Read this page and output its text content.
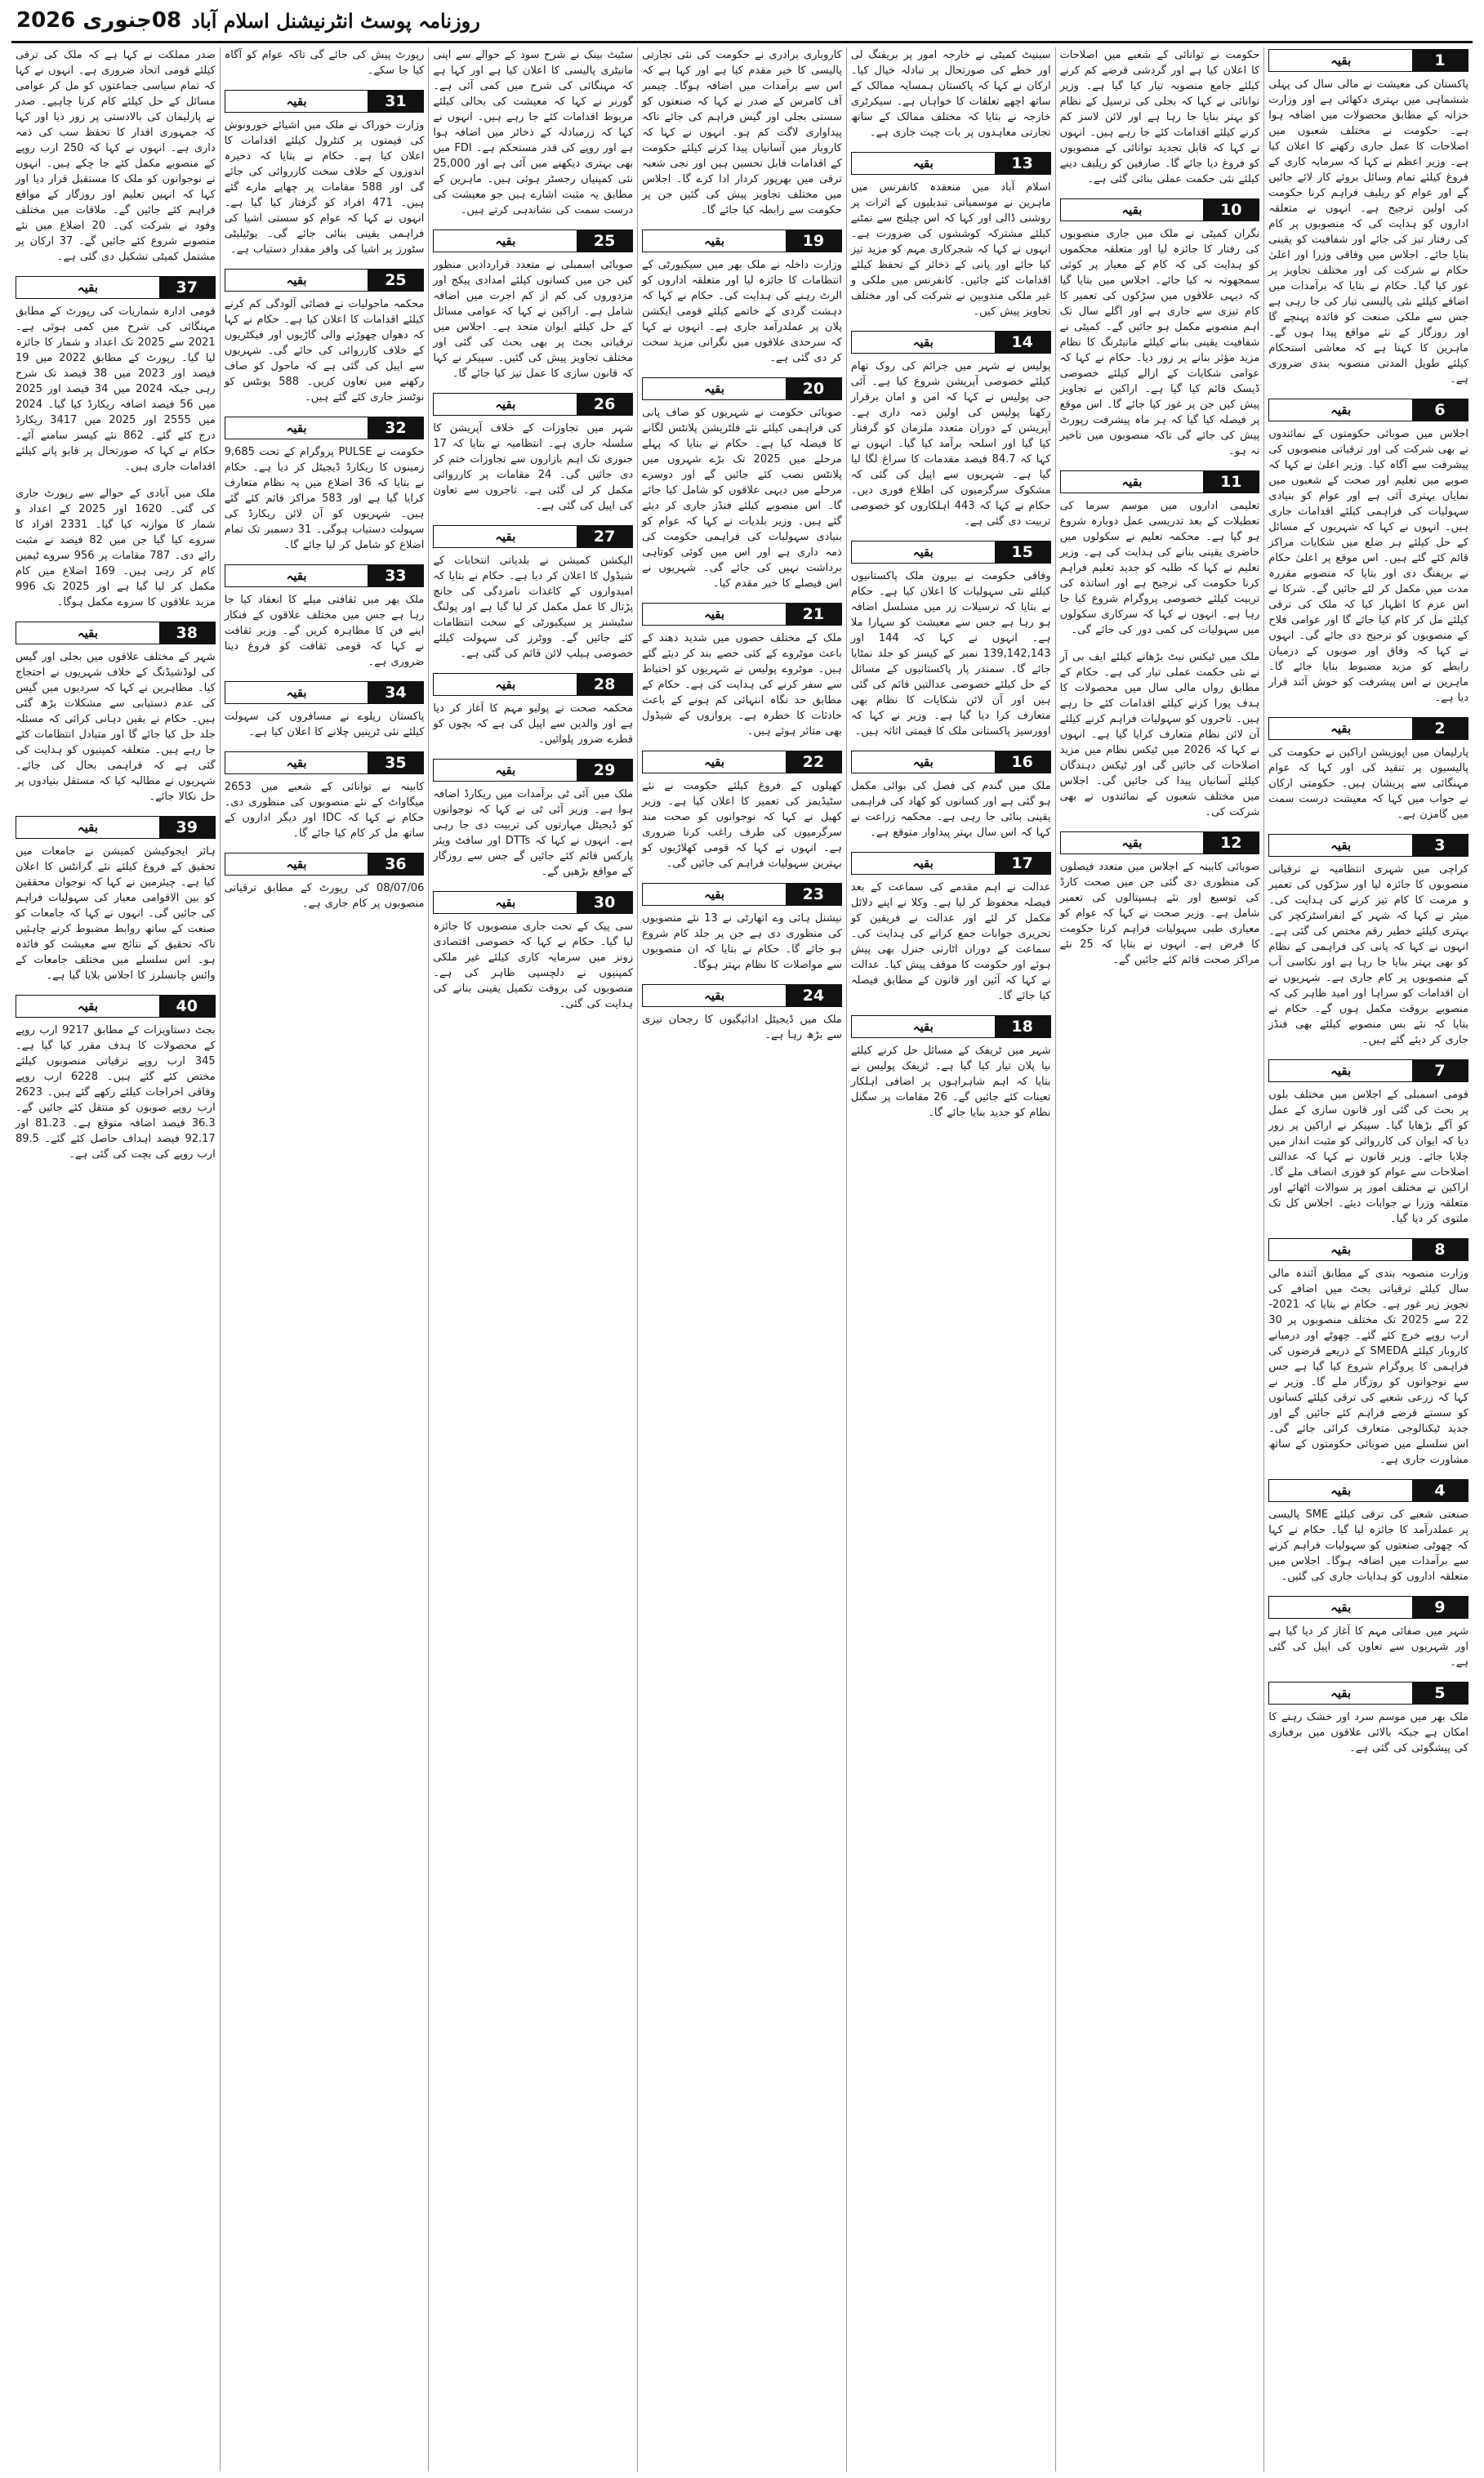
08جنوری 2026 روزنامہ پوسٹ انٹرنیشنل اسلام آباد
1
بقیہ
پاکستان کی معیشت نے مالی سال کی پہلی ششماہی میں بہتری دکھائی ہے اور وزارت خزانہ کے مطابق محصولات میں اضافہ ہوا ہے۔ حکومت نے مختلف شعبوں میں اصلاحات کا عمل جاری رکھنے کا اعلان کیا ہے۔ وزیر اعظم نے کہا کہ سرمایہ کاری کے فروغ کیلئے تمام وسائل بروئے کار لائے جائیں گے اور عوام کو ریلیف فراہم کرنا حکومت کی اولین ترجیح ہے۔ انہوں نے متعلقہ اداروں کو ہدایت کی کہ منصوبوں پر کام کی رفتار تیز کی جائے اور شفافیت کو یقینی بنایا جائے۔ اجلاس میں وفاقی وزرا اور اعلیٰ حکام نے شرکت کی اور مختلف تجاویز پر غور کیا گیا۔ حکام نے بتایا کہ برآمدات میں اضافے کیلئے نئی پالیسی تیار کی جا رہی ہے جس سے ملکی صنعت کو فائدہ پہنچے گا اور روزگار کے نئے مواقع پیدا ہوں گے۔ ماہرین کا کہنا ہے کہ معاشی استحکام کیلئے طویل المدتی منصوبہ بندی ضروری ہے۔
6
بقیہ
اجلاس میں صوبائی حکومتوں کے نمائندوں نے بھی شرکت کی اور ترقیاتی منصوبوں کی پیشرفت سے آگاہ کیا۔ وزیر اعلیٰ نے کہا کہ صوبے میں تعلیم اور صحت کے شعبوں میں نمایاں بہتری آئی ہے اور عوام کو بنیادی سہولیات کی فراہمی کیلئے اقدامات جاری ہیں۔ انہوں نے کہا کہ شہریوں کے مسائل کے حل کیلئے ہر ضلع میں شکایات مراکز قائم کئے گئے ہیں۔ اس موقع پر اعلیٰ حکام نے بریفنگ دی اور بتایا کہ منصوبے مقررہ مدت میں مکمل کر لئے جائیں گے۔ شرکا نے اس عزم کا اظہار کیا کہ ملک کی ترقی کیلئے مل کر کام کیا جائے گا اور عوامی فلاح کے منصوبوں کو ترجیح دی جائے گی۔ انہوں نے کہا کہ وفاق اور صوبوں کے درمیان رابطے کو مزید مضبوط بنایا جائے گا۔ ماہرین نے اس پیشرفت کو خوش آئند قرار دیا ہے۔
2
بقیہ
پارلیمان میں اپوزیشن اراکین نے حکومت کی پالیسیوں پر تنقید کی اور کہا کہ عوام مہنگائی سے پریشان ہیں۔ حکومتی ارکان نے جواب میں کہا کہ معیشت درست سمت میں گامزن ہے۔
3
بقیہ
کراچی میں شہری انتظامیہ نے ترقیاتی منصوبوں کا جائزہ لیا اور سڑکوں کی تعمیر و مرمت کا کام تیز کرنے کی ہدایت کی۔ میئر نے کہا کہ شہر کے انفراسٹرکچر کی بہتری کیلئے خطیر رقم مختص کی گئی ہے۔ انہوں نے کہا کہ پانی کی فراہمی کے نظام کو بھی بہتر بنایا جا رہا ہے اور نکاسی آب کے منصوبوں پر کام جاری ہے۔ شہریوں نے ان اقدامات کو سراہا اور امید ظاہر کی کہ منصوبے بروقت مکمل ہوں گے۔ حکام نے بتایا کہ نئے بس منصوبے کیلئے بھی فنڈز جاری کر دیئے گئے ہیں۔
7
بقیہ
قومی اسمبلی کے اجلاس میں مختلف بلوں پر بحث کی گئی اور قانون سازی کے عمل کو آگے بڑھایا گیا۔ سپیکر نے اراکین پر زور دیا کہ ایوان کی کارروائی کو مثبت انداز میں چلایا جائے۔ وزیر قانون نے کہا کہ عدالتی اصلاحات سے عوام کو فوری انصاف ملے گا۔ اراکین نے مختلف امور پر سوالات اٹھائے اور متعلقہ وزرا نے جوابات دیئے۔ اجلاس کل تک ملتوی کر دیا گیا۔
8
بقیہ
وزارت منصوبہ بندی کے مطابق آئندہ مالی سال کیلئے ترقیاتی بجٹ میں اضافے کی تجویز زیر غور ہے۔ حکام نے بتایا کہ 2021-22 سے 2025 تک مختلف منصوبوں پر 30 ارب روپے خرچ کئے گئے۔ چھوٹے اور درمیانے کاروبار کیلئے SMEDA کے ذریعے قرضوں کی فراہمی کا پروگرام شروع کیا گیا ہے جس سے نوجوانوں کو روزگار ملے گا۔ وزیر نے کہا کہ زرعی شعبے کی ترقی کیلئے کسانوں کو سستے قرضے فراہم کئے جائیں گے اور جدید ٹیکنالوجی متعارف کرائی جائے گی۔ اس سلسلے میں صوبائی حکومتوں کے ساتھ مشاورت جاری ہے۔
4
بقیہ
صنعتی شعبے کی ترقی کیلئے SME پالیسی پر عملدرآمد کا جائزہ لیا گیا۔ حکام نے کہا کہ چھوٹی صنعتوں کو سہولیات فراہم کرنے سے برآمدات میں اضافہ ہوگا۔ اجلاس میں متعلقہ اداروں کو ہدایات جاری کی گئیں۔
9
بقیہ
شہر میں صفائی مہم کا آغاز کر دیا گیا ہے اور شہریوں سے تعاون کی اپیل کی گئی ہے۔
5
بقیہ
ملک بھر میں موسم سرد اور خشک رہنے کا امکان ہے جبکہ بالائی علاقوں میں برفباری کی پیشگوئی کی گئی ہے۔
حکومت نے توانائی کے شعبے میں اصلاحات کا اعلان کیا ہے اور گردشی قرضے کم کرنے کیلئے جامع منصوبہ تیار کیا گیا ہے۔ وزیر توانائی نے کہا کہ بجلی کی ترسیل کے نظام کو بہتر بنایا جا رہا ہے اور لائن لاسز کم کرنے کیلئے اقدامات کئے جا رہے ہیں۔ انہوں نے کہا کہ قابل تجدید توانائی کے منصوبوں کو فروغ دیا جائے گا۔ صارفین کو ریلیف دینے کیلئے نئی حکمت عملی بنائی گئی ہے۔
10
بقیہ
نگران کمیٹی نے ملک میں جاری منصوبوں کی رفتار کا جائزہ لیا اور متعلقہ محکموں کو ہدایت کی کہ کام کے معیار پر کوئی سمجھوتہ نہ کیا جائے۔ اجلاس میں بتایا گیا کہ دیہی علاقوں میں سڑکوں کی تعمیر کا کام تیزی سے جاری ہے اور اگلے سال تک اہم منصوبے مکمل ہو جائیں گے۔ کمیٹی نے شفافیت یقینی بنانے کیلئے مانیٹرنگ کا نظام مزید مؤثر بنانے پر زور دیا۔ حکام نے کہا کہ عوامی شکایات کے ازالے کیلئے خصوصی ڈیسک قائم کیا گیا ہے۔ اراکین نے تجاویز پیش کیں جن پر غور کیا جائے گا۔ اس موقع پر فیصلہ کیا گیا کہ ہر ماہ پیشرفت رپورٹ پیش کی جائے گی تاکہ منصوبوں میں تاخیر نہ ہو۔
11
بقیہ
تعلیمی اداروں میں موسم سرما کی تعطیلات کے بعد تدریسی عمل دوبارہ شروع ہو گیا ہے۔ محکمہ تعلیم نے سکولوں میں حاضری یقینی بنانے کی ہدایت کی ہے۔ وزیر تعلیم نے کہا کہ طلبہ کو جدید تعلیم فراہم کرنا حکومت کی ترجیح ہے اور اساتذہ کی تربیت کیلئے خصوصی پروگرام شروع کیا جا رہا ہے۔ انہوں نے کہا کہ سرکاری سکولوں میں سہولیات کی کمی دور کی جائے گی۔
ملک میں ٹیکس نیٹ بڑھانے کیلئے ایف بی آر نے نئی حکمت عملی تیار کی ہے۔ حکام کے مطابق رواں مالی سال میں محصولات کا ہدف پورا کرنے کیلئے اقدامات کئے جا رہے ہیں۔ تاجروں کو سہولیات فراہم کرنے کیلئے آن لائن نظام متعارف کرایا گیا ہے۔ انہوں نے کہا کہ 2026 میں ٹیکس نظام میں مزید اصلاحات کی جائیں گی اور ٹیکس دہندگان کیلئے آسانیاں پیدا کی جائیں گی۔ اجلاس میں مختلف شعبوں کے نمائندوں نے بھی شرکت کی۔
12
بقیہ
صوبائی کابینہ کے اجلاس میں متعدد فیصلوں کی منظوری دی گئی جن میں صحت کارڈ کی توسیع اور نئے ہسپتالوں کی تعمیر شامل ہے۔ وزیر صحت نے کہا کہ عوام کو معیاری طبی سہولیات فراہم کرنا حکومت کا فرض ہے۔ انہوں نے بتایا کہ 25 نئے مراکز صحت قائم کئے جائیں گے۔
سینیٹ کمیٹی نے خارجہ امور پر بریفنگ لی اور خطے کی صورتحال پر تبادلہ خیال کیا۔ ارکان نے کہا کہ پاکستان ہمسایہ ممالک کے ساتھ اچھے تعلقات کا خواہاں ہے۔ سیکرٹری خارجہ نے بتایا کہ مختلف ممالک کے ساتھ تجارتی معاہدوں پر بات چیت جاری ہے۔
13
بقیہ
اسلام آباد میں منعقدہ کانفرنس میں ماہرین نے موسمیاتی تبدیلیوں کے اثرات پر روشنی ڈالی اور کہا کہ اس چیلنج سے نمٹنے کیلئے مشترکہ کوششوں کی ضرورت ہے۔ انہوں نے کہا کہ شجرکاری مہم کو مزید تیز کیا جائے اور پانی کے ذخائر کے تحفظ کیلئے اقدامات کئے جائیں۔ کانفرنس میں ملکی و غیر ملکی مندوبین نے شرکت کی اور مختلف تجاویز پیش کیں۔
14
بقیہ
پولیس نے شہر میں جرائم کی روک تھام کیلئے خصوصی آپریشن شروع کیا ہے۔ آئی جی پولیس نے کہا کہ امن و امان برقرار رکھنا پولیس کی اولین ذمہ داری ہے۔ آپریشن کے دوران متعدد ملزمان کو گرفتار کیا گیا اور اسلحہ برآمد کیا گیا۔ انہوں نے کہا کہ 84.7 فیصد مقدمات کا سراغ لگا لیا گیا ہے۔ شہریوں سے اپیل کی گئی کہ مشکوک سرگرمیوں کی اطلاع فوری دیں۔ حکام نے کہا کہ 443 اہلکاروں کو خصوصی تربیت دی گئی ہے۔
15
بقیہ
وفاقی حکومت نے بیرون ملک پاکستانیوں کیلئے نئی سہولیات کا اعلان کیا ہے۔ حکام نے بتایا کہ ترسیلات زر میں مسلسل اضافہ ہو رہا ہے جس سے معیشت کو سہارا ملا ہے۔ انہوں نے کہا کہ 144 اور 139,142,143 نمبر کے کیسز کو جلد نمٹایا جائے گا۔ سمندر پار پاکستانیوں کے مسائل کے حل کیلئے خصوصی عدالتیں قائم کی گئی ہیں اور آن لائن شکایات کا نظام بھی متعارف کرا دیا گیا ہے۔ وزیر نے کہا کہ اوورسیز پاکستانی ملک کا قیمتی اثاثہ ہیں۔
16
بقیہ
ملک میں گندم کی فصل کی بوائی مکمل ہو گئی ہے اور کسانوں کو کھاد کی فراہمی یقینی بنائی جا رہی ہے۔ محکمہ زراعت نے کہا کہ اس سال بہتر پیداوار متوقع ہے۔
17
بقیہ
عدالت نے اہم مقدمے کی سماعت کے بعد فیصلہ محفوظ کر لیا ہے۔ وکلا نے اپنے دلائل مکمل کر لئے اور عدالت نے فریقین کو تحریری جوابات جمع کرانے کی ہدایت کی۔ سماعت کے دوران اٹارنی جنرل بھی پیش ہوئے اور حکومت کا موقف پیش کیا۔ عدالت نے کہا کہ آئین اور قانون کے مطابق فیصلہ کیا جائے گا۔
18
بقیہ
شہر میں ٹریفک کے مسائل حل کرنے کیلئے نیا پلان تیار کیا گیا ہے۔ ٹریفک پولیس نے بتایا کہ اہم شاہراہوں پر اضافی اہلکار تعینات کئے جائیں گے۔ 26 مقامات پر سگنل نظام کو جدید بنایا جائے گا۔
کاروباری برادری نے حکومت کی نئی تجارتی پالیسی کا خیر مقدم کیا ہے اور کہا ہے کہ اس سے برآمدات میں اضافہ ہوگا۔ چیمبر آف کامرس کے صدر نے کہا کہ صنعتوں کو سستی بجلی اور گیس فراہم کی جائے تاکہ پیداواری لاگت کم ہو۔ انہوں نے کہا کہ کاروبار میں آسانیاں پیدا کرنے کیلئے حکومت کے اقدامات قابل تحسین ہیں اور نجی شعبہ ترقی میں بھرپور کردار ادا کرے گا۔ اجلاس میں مختلف تجاویز پیش کی گئیں جن پر حکومت سے رابطہ کیا جائے گا۔
19
بقیہ
وزارت داخلہ نے ملک بھر میں سیکیورٹی کے انتظامات کا جائزہ لیا اور متعلقہ اداروں کو الرٹ رہنے کی ہدایت کی۔ حکام نے کہا کہ دہشت گردی کے خاتمے کیلئے قومی ایکشن پلان پر عملدرآمد جاری ہے۔ انہوں نے کہا کہ سرحدی علاقوں میں نگرانی مزید سخت کر دی گئی ہے۔
20
بقیہ
صوبائی حکومت نے شہریوں کو صاف پانی کی فراہمی کیلئے نئے فلٹریشن پلانٹس لگانے کا فیصلہ کیا ہے۔ حکام نے بتایا کہ پہلے مرحلے میں 2025 تک بڑے شہروں میں پلانٹس نصب کئے جائیں گے اور دوسرے مرحلے میں دیہی علاقوں کو شامل کیا جائے گا۔ اس منصوبے کیلئے فنڈز جاری کر دیئے گئے ہیں۔ وزیر بلدیات نے کہا کہ عوام کو بنیادی سہولیات کی فراہمی حکومت کی ذمہ داری ہے اور اس میں کوئی کوتاہی برداشت نہیں کی جائے گی۔ شہریوں نے اس فیصلے کا خیر مقدم کیا۔
21
بقیہ
ملک کے مختلف حصوں میں شدید دھند کے باعث موٹروے کے کئی حصے بند کر دیئے گئے ہیں۔ موٹروے پولیس نے شہریوں کو احتیاط سے سفر کرنے کی ہدایت کی ہے۔ حکام کے مطابق حد نگاہ انتہائی کم ہونے کے باعث حادثات کا خطرہ ہے۔ پروازوں کے شیڈول بھی متاثر ہوئے ہیں۔
22
بقیہ
کھیلوں کے فروغ کیلئے حکومت نے نئے سٹیڈیمز کی تعمیر کا اعلان کیا ہے۔ وزیر کھیل نے کہا کہ نوجوانوں کو صحت مند سرگرمیوں کی طرف راغب کرنا ضروری ہے۔ انہوں نے کہا کہ قومی کھلاڑیوں کو بہترین سہولیات فراہم کی جائیں گی۔
23
بقیہ
نیشنل ہائی وے اتھارٹی نے 13 نئے منصوبوں کی منظوری دی ہے جن پر جلد کام شروع ہو جائے گا۔ حکام نے بتایا کہ ان منصوبوں سے مواصلات کا نظام بہتر ہوگا۔
24
بقیہ
ملک میں ڈیجیٹل ادائیگیوں کا رجحان تیزی سے بڑھ رہا ہے۔
سٹیٹ بینک نے شرح سود کے حوالے سے اپنی مانیٹری پالیسی کا اعلان کیا ہے اور کہا ہے کہ مہنگائی کی شرح میں کمی آئی ہے۔ گورنر نے کہا کہ معیشت کی بحالی کیلئے مربوط اقدامات کئے جا رہے ہیں۔ انہوں نے کہا کہ زرمبادلہ کے ذخائر میں اضافہ ہوا ہے اور روپے کی قدر مستحکم ہے۔ FDI میں بھی بہتری دیکھنے میں آئی ہے اور 25,000 نئی کمپنیاں رجسٹر ہوئی ہیں۔ ماہرین کے مطابق یہ مثبت اشارے ہیں جو معیشت کی درست سمت کی نشاندہی کرتے ہیں۔
25
بقیہ
صوبائی اسمبلی نے متعدد قراردادیں منظور کیں جن میں کسانوں کیلئے امدادی پیکج اور مزدوروں کی کم از کم اجرت میں اضافہ شامل ہے۔ اراکین نے کہا کہ عوامی مسائل کے حل کیلئے ایوان متحد ہے۔ اجلاس میں ترقیاتی بجٹ پر بھی بحث کی گئی اور مختلف تجاویز پیش کی گئیں۔ سپیکر نے کہا کہ قانون سازی کا عمل تیز کیا جائے گا۔
26
بقیہ
شہر میں تجاوزات کے خلاف آپریشن کا سلسلہ جاری ہے۔ انتظامیہ نے بتایا کہ 17 جنوری تک اہم بازاروں سے تجاوزات ختم کر دی جائیں گی۔ 24 مقامات پر کارروائی مکمل کر لی گئی ہے۔ تاجروں سے تعاون کی اپیل کی گئی ہے۔
27
بقیہ
الیکشن کمیشن نے بلدیاتی انتخابات کے شیڈول کا اعلان کر دیا ہے۔ حکام نے بتایا کہ امیدواروں کے کاغذات نامزدگی کی جانچ پڑتال کا عمل مکمل کر لیا گیا ہے اور پولنگ سٹیشنز پر سیکیورٹی کے سخت انتظامات کئے جائیں گے۔ ووٹرز کی سہولت کیلئے خصوصی ہیلپ لائن قائم کی گئی ہے۔
28
بقیہ
محکمہ صحت نے پولیو مہم کا آغاز کر دیا ہے اور والدین سے اپیل کی ہے کہ بچوں کو قطرے ضرور پلوائیں۔
29
بقیہ
ملک میں آئی ٹی برآمدات میں ریکارڈ اضافہ ہوا ہے۔ وزیر آئی ٹی نے کہا کہ نوجوانوں کو ڈیجیٹل مہارتوں کی تربیت دی جا رہی ہے۔ انہوں نے کہا کہ DTTs اور سافٹ ویئر پارکس قائم کئے جائیں گے جس سے روزگار کے مواقع بڑھیں گے۔
30
بقیہ
سی پیک کے تحت جاری منصوبوں کا جائزہ لیا گیا۔ حکام نے کہا کہ خصوصی اقتصادی زونز میں سرمایہ کاری کیلئے غیر ملکی کمپنیوں نے دلچسپی ظاہر کی ہے۔ منصوبوں کی بروقت تکمیل یقینی بنانے کی ہدایت کی گئی۔
رپورٹ پیش کی جائے گی تاکہ عوام کو آگاہ کیا جا سکے۔
31
بقیہ
وزارت خوراک نے ملک میں اشیائے خورونوش کی قیمتوں پر کنٹرول کیلئے اقدامات کا اعلان کیا ہے۔ حکام نے بتایا کہ ذخیرہ اندوزوں کے خلاف سخت کارروائی کی جائے گی اور 588 مقامات پر چھاپے مارے گئے ہیں۔ 471 افراد کو گرفتار کیا گیا ہے۔ انہوں نے کہا کہ عوام کو سستی اشیا کی فراہمی یقینی بنائی جائے گی۔ یوٹیلیٹی سٹورز پر اشیا کی وافر مقدار دستیاب ہے۔
25
بقیہ
محکمہ ماحولیات نے فضائی آلودگی کم کرنے کیلئے اقدامات کا اعلان کیا ہے۔ حکام نے کہا کہ دھواں چھوڑنے والی گاڑیوں اور فیکٹریوں کے خلاف کارروائی کی جائے گی۔ شہریوں سے اپیل کی گئی ہے کہ ماحول کو صاف رکھنے میں تعاون کریں۔ 588 یونٹس کو نوٹسز جاری کئے گئے ہیں۔
32
بقیہ
حکومت نے PULSE پروگرام کے تحت 9,685 زمینوں کا ریکارڈ ڈیجیٹل کر دیا ہے۔ حکام نے بتایا کہ 36 اضلاع میں یہ نظام متعارف کرایا گیا ہے اور 583 مراکز قائم کئے گئے ہیں۔ شہریوں کو آن لائن ریکارڈ کی سہولت دستیاب ہوگی۔ 31 دسمبر تک تمام اضلاع کو شامل کر لیا جائے گا۔
33
بقیہ
ملک بھر میں ثقافتی میلے کا انعقاد کیا جا رہا ہے جس میں مختلف علاقوں کے فنکار اپنے فن کا مظاہرہ کریں گے۔ وزیر ثقافت نے کہا کہ قومی ثقافت کو فروغ دینا ضروری ہے۔
34
بقیہ
پاکستان ریلوے نے مسافروں کی سہولت کیلئے نئی ٹرینیں چلانے کا اعلان کیا ہے۔
35
بقیہ
کابینہ نے توانائی کے شعبے میں 2653 میگاواٹ کے نئے منصوبوں کی منظوری دی۔ حکام نے کہا کہ IDC اور دیگر اداروں کے ساتھ مل کر کام کیا جائے گا۔
36
بقیہ
08/07/06 کی رپورٹ کے مطابق ترقیاتی منصوبوں پر کام جاری ہے۔
صدر مملکت نے کہا ہے کہ ملک کی ترقی کیلئے قومی اتحاد ضروری ہے۔ انہوں نے کہا کہ تمام سیاسی جماعتوں کو مل کر عوامی مسائل کے حل کیلئے کام کرنا چاہیے۔ صدر نے پارلیمان کی بالادستی پر زور دیا اور کہا کہ جمہوری اقدار کا تحفظ سب کی ذمہ داری ہے۔ انہوں نے کہا کہ 250 ارب روپے کے منصوبے مکمل کئے جا چکے ہیں۔ انہوں نے نوجوانوں کو ملک کا مستقبل قرار دیا اور کہا کہ انہیں تعلیم اور روزگار کے مواقع فراہم کئے جائیں گے۔ ملاقات میں مختلف وفود نے شرکت کی۔ 20 اضلاع میں نئے منصوبے شروع کئے جائیں گے۔ 37 ارکان پر مشتمل کمیٹی تشکیل دی گئی ہے۔
37
بقیہ
قومی ادارہ شماریات کی رپورٹ کے مطابق مہنگائی کی شرح میں کمی ہوئی ہے۔ 2021 سے 2025 تک اعداد و شمار کا جائزہ لیا گیا۔ رپورٹ کے مطابق 2022 میں 19 فیصد اور 2023 میں 38 فیصد تک شرح رہی جبکہ 2024 میں 34 فیصد اور 2025 میں 56 فیصد اضافہ ریکارڈ کیا گیا۔ 2024 میں 2555 اور 2025 میں 3417 ریکارڈ درج کئے گئے۔ 862 نئے کیسز سامنے آئے۔ حکام نے کہا کہ صورتحال پر قابو پانے کیلئے اقدامات جاری ہیں۔
ملک میں آبادی کے حوالے سے رپورٹ جاری کی گئی۔ 1620 اور 2025 کے اعداد و شمار کا موازنہ کیا گیا۔ 2331 افراد کا سروے کیا گیا جن میں 82 فیصد نے مثبت رائے دی۔ 787 مقامات پر 956 سروے ٹیمیں کام کر رہی ہیں۔ 169 اضلاع میں کام مکمل کر لیا گیا ہے اور 2025 تک 996 مزید علاقوں کا سروے مکمل ہوگا۔
38
بقیہ
شہر کے مختلف علاقوں میں بجلی اور گیس کی لوڈشیڈنگ کے خلاف شہریوں نے احتجاج کیا۔ مظاہرین نے کہا کہ سردیوں میں گیس کی عدم دستیابی سے مشکلات بڑھ گئی ہیں۔ حکام نے یقین دہانی کرائی کہ مسئلہ جلد حل کیا جائے گا اور متبادل انتظامات کئے جا رہے ہیں۔ متعلقہ کمپنیوں کو ہدایت کی گئی ہے کہ فراہمی بحال کی جائے۔ شہریوں نے مطالبہ کیا کہ مستقل بنیادوں پر حل نکالا جائے۔
39
بقیہ
ہائر ایجوکیشن کمیشن نے جامعات میں تحقیق کے فروغ کیلئے نئے گرانٹس کا اعلان کیا ہے۔ چیئرمین نے کہا کہ نوجوان محققین کو بین الاقوامی معیار کی سہولیات فراہم کی جائیں گی۔ انہوں نے کہا کہ جامعات کو صنعت کے ساتھ روابط مضبوط کرنے چاہئیں تاکہ تحقیق کے نتائج سے معیشت کو فائدہ ہو۔ اس سلسلے میں مختلف جامعات کے وائس چانسلرز کا اجلاس بلایا گیا ہے۔
40
بقیہ
بجٹ دستاویزات کے مطابق 9217 ارب روپے کے محصولات کا ہدف مقرر کیا گیا ہے۔ 345 ارب روپے ترقیاتی منصوبوں کیلئے مختص کئے گئے ہیں۔ 6228 ارب روپے وفاقی اخراجات کیلئے رکھے گئے ہیں۔ 2623 ارب روپے صوبوں کو منتقل کئے جائیں گے۔ 36.3 فیصد اضافہ متوقع ہے۔ 81.23 اور 92.17 فیصد اہداف حاصل کئے گئے۔ 89.5 ارب روپے کی بچت کی گئی ہے۔
